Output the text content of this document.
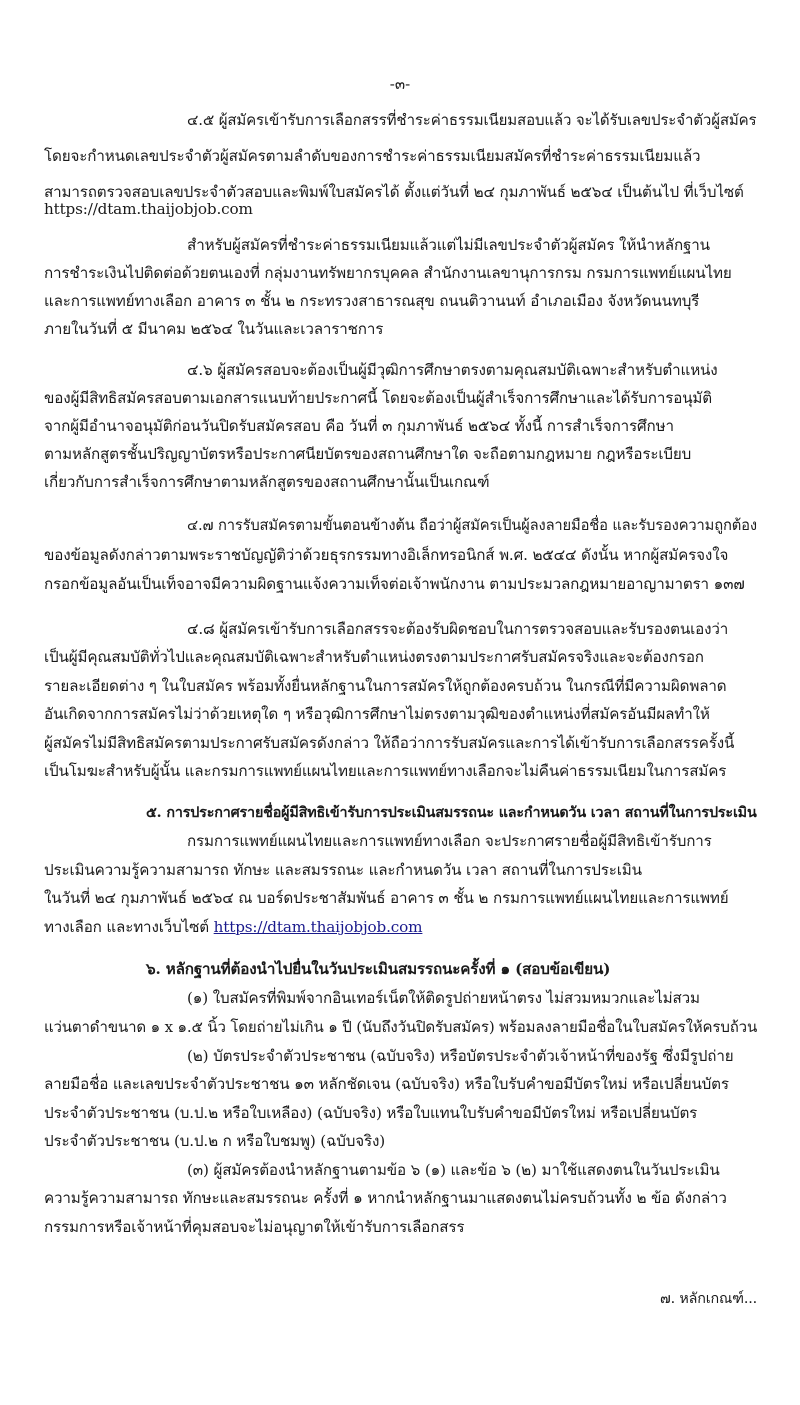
-๓-
๔.๕ ผู้สมัครเข้ารับการเลือกสรรที่ชำระค่าธรรมเนียมสอบแล้ว จะได้รับเลขประจำตัวผู้สมัคร
โดยจะกำหนดเลขประจำตัวผู้สมัครตามลำดับของการชำระค่าธรรมเนียมสมัครที่ชำระค่าธรรมเนียมแล้ว
สามารถตรวจสอบเลขประจำตัวสอบและพิมพ์ใบสมัครได้ ตั้งแต่วันที่ ๒๔ กุมภาพันธ์ ๒๕๖๔ เป็นต้นไป ที่เว็บไซต์
https://dtam.thaijobjob.com
สำหรับผู้สมัครที่ชำระค่าธรรมเนียมแล้วแต่ไม่มีเลขประจำตัวผู้สมัคร ให้นำหลักฐาน
การชำระเงินไปติดต่อด้วยตนเองที่ กลุ่มงานทรัพยากรบุคคล สำนักงานเลขานุการกรม กรมการแพทย์แผนไทย
และการแพทย์ทางเลือก อาคาร ๓ ชั้น ๒ กระทรวงสาธารณสุข ถนนติวานนท์ อำเภอเมือง จังหวัดนนทบุรี
ภายในวันที่ ๕ มีนาคม ๒๕๖๔ ในวันและเวลาราชการ
๔.๖ ผู้สมัครสอบจะต้องเป็นผู้มีวุฒิการศึกษาตรงตามคุณสมบัติเฉพาะสำหรับตำแหน่ง
ของผู้มีสิทธิสมัครสอบตามเอกสารแนบท้ายประกาศนี้ โดยจะต้องเป็นผู้สำเร็จการศึกษาและได้รับการอนุมัติ
จากผู้มีอำนาจอนุมัติก่อนวันปิดรับสมัครสอบ คือ วันที่ ๓ กุมภาพันธ์ ๒๕๖๔ ทั้งนี้ การสำเร็จการศึกษา
ตามหลักสูตรชั้นปริญญาบัตรหรือประกาศนียบัตรของสถานศึกษาใด จะถือตามกฎหมาย กฎหรือระเบียบ
เกี่ยวกับการสำเร็จการศึกษาตามหลักสูตรของสถานศึกษานั้นเป็นเกณฑ์
๔.๗ การรับสมัครตามขั้นตอนข้างต้น ถือว่าผู้สมัครเป็นผู้ลงลายมือชื่อ และรับรองความถูกต้อง
ของข้อมูลดังกล่าวตามพระราชบัญญัติว่าด้วยธุรกรรมทางอิเล็กทรอนิกส์ พ.ศ. ๒๕๔๔ ดังนั้น หากผู้สมัครจงใจ
กรอกข้อมูลอันเป็นเท็จอาจมีความผิดฐานแจ้งความเท็จต่อเจ้าพนักงาน ตามประมวลกฎหมายอาญามาตรา ๑๓๗
๔.๘ ผู้สมัครเข้ารับการเลือกสรรจะต้องรับผิดชอบในการตรวจสอบและรับรองตนเองว่า
เป็นผู้มีคุณสมบัติทั่วไปและคุณสมบัติเฉพาะสำหรับตำแหน่งตรงตามประกาศรับสมัครจริงและจะต้องกรอก
รายละเอียดต่าง ๆ ในใบสมัคร พร้อมทั้งยื่นหลักฐานในการสมัครให้ถูกต้องครบถ้วน ในกรณีที่มีความผิดพลาด
อันเกิดจากการสมัครไม่ว่าด้วยเหตุใด ๆ หรือวุฒิการศึกษาไม่ตรงตามวุฒิของตำแหน่งที่สมัครอันมีผลทำให้
ผู้สมัครไม่มีสิทธิสมัครตามประกาศรับสมัครดังกล่าว ให้ถือว่าการรับสมัครและการได้เข้ารับการเลือกสรรครั้งนี้
เป็นโมฆะสำหรับผู้นั้น และกรมการแพทย์แผนไทยและการแพทย์ทางเลือกจะไม่คืนค่าธรรมเนียมในการสมัคร
๕. การประกาศรายชื่อผู้มีสิทธิเข้ารับการประเมินสมรรถนะ และกำหนดวัน เวลา สถานที่ในการประเมิน
กรมการแพทย์แผนไทยและการแพทย์ทางเลือก จะประกาศรายชื่อผู้มีสิทธิเข้ารับการ
ประเมินความรู้ความสามารถ ทักษะ และสมรรถนะ และกำหนดวัน เวลา สถานที่ในการประเมิน
ในวันที่ ๒๔ กุมภาพันธ์ ๒๕๖๔ ณ บอร์ดประชาสัมพันธ์ อาคาร ๓ ชั้น ๒ กรมการแพทย์แผนไทยและการแพทย์
ทางเลือก และทางเว็บไซต์ https://dtam.thaijobjob.com
๖. หลักฐานที่ต้องนำไปยื่นในวันประเมินสมรรถนะครั้งที่ ๑ (สอบข้อเขียน)
(๑) ใบสมัครที่พิมพ์จากอินเทอร์เน็ตให้ติดรูปถ่ายหน้าตรง ไม่สวมหมวกและไม่สวม
แว่นตาดำขนาด ๑ x ๑.๕ นิ้ว โดยถ่ายไม่เกิน ๑ ปี (นับถึงวันปิดรับสมัคร) พร้อมลงลายมือชื่อในใบสมัครให้ครบถ้วน
(๒) บัตรประจำตัวประชาชน (ฉบับจริง) หรือบัตรประจำตัวเจ้าหน้าที่ของรัฐ ซึ่งมีรูปถ่าย
ลายมือชื่อ และเลขประจำตัวประชาชน ๑๓ หลักชัดเจน (ฉบับจริง) หรือใบรับคำขอมีบัตรใหม่ หรือเปลี่ยนบัตร
ประจำตัวประชาชน (บ.ป.๒ หรือใบเหลือง) (ฉบับจริง) หรือใบแทนใบรับคำขอมีบัตรใหม่ หรือเปลี่ยนบัตร
ประจำตัวประชาชน (บ.ป.๒ ก หรือใบชมพู) (ฉบับจริง)
(๓) ผู้สมัครต้องนำหลักฐานตามข้อ ๖ (๑) และข้อ ๖ (๒) มาใช้แสดงตนในวันประเมิน
ความรู้ความสามารถ ทักษะและสมรรถนะ ครั้งที่ ๑ หากนำหลักฐานมาแสดงตนไม่ครบถ้วนทั้ง ๒ ข้อ ดังกล่าว
กรรมการหรือเจ้าหน้าที่คุมสอบจะไม่อนุญาตให้เข้ารับการเลือกสรร
๗. หลักเกณฑ์...
